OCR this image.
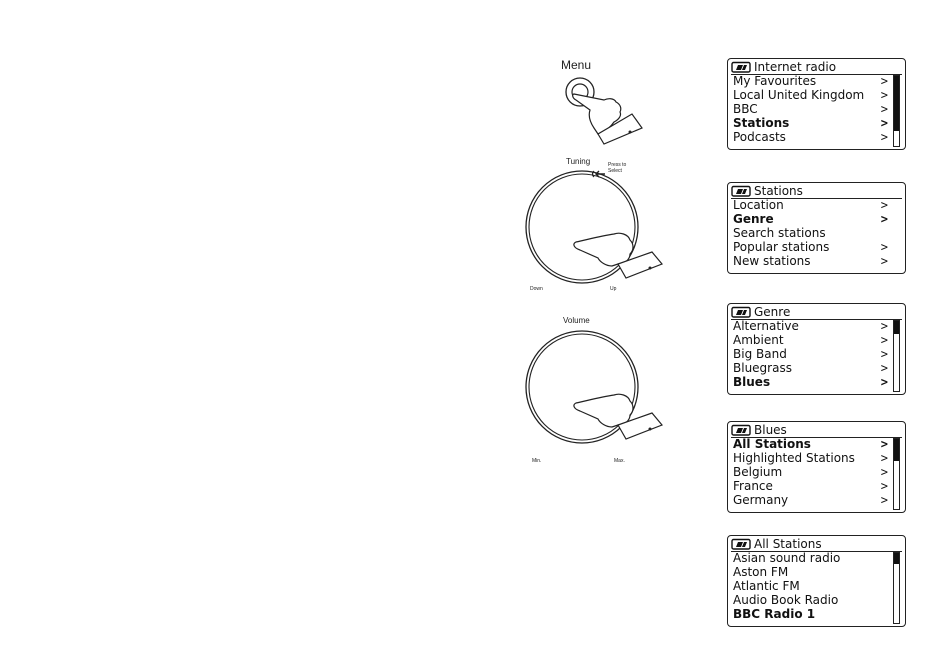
Menu
Tuning	Press to
Select
Down	Up
Volume
Min.	Max.
Internet radio
My Favourites	>
Local United Kingdom >
BBC	>
Stations	>
Podcasts	>
Stations
Location	>
Genre	>
Search stations
Popular stations	>
New stations	>
Genre
Alternative	>
Ambient	>
Big Band	>
Bluegrass	>
Blues	>
Blues
All Stations	>
Highlighted Stations >
Belgium	>
France	>
Germany	>
All Stations
Asian sound radio
Aston FM
Atlantic FM
Audio Book Radio
BBC Radio 1
